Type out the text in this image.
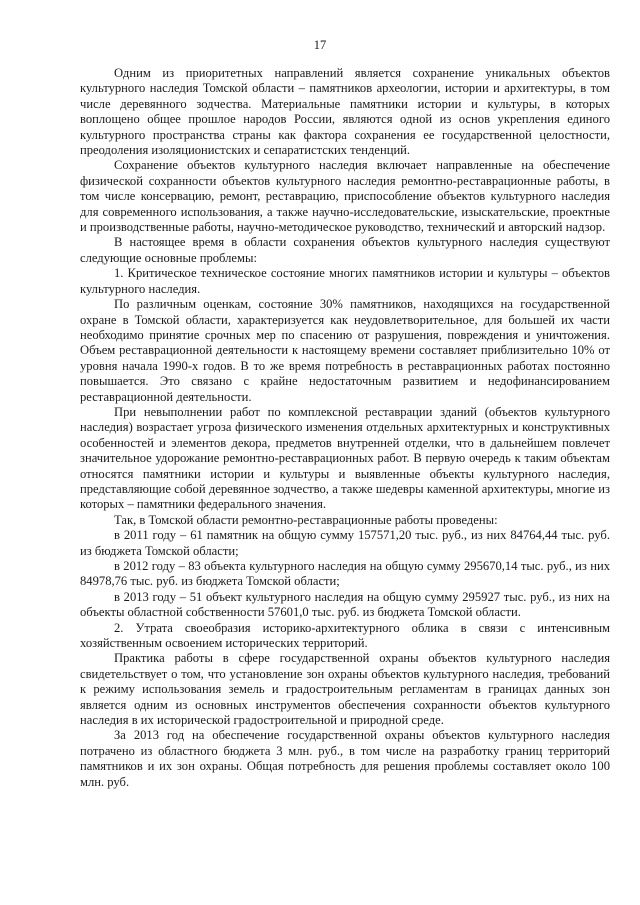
17

Одним из приоритетных направлений является сохранение уникальных объектов культурного наследия Томской области – памятников археологии, истории и архитектуры, в том числе деревянного зодчества. Материальные памятники истории и культуры, в которых воплощено общее прошлое народов России, являются одной из основ укрепления единого культурного пространства страны как фактора сохранения ее государственной целостности, преодоления изоляционистских и сепаратистских тенденций.

Сохранение объектов культурного наследия включает направленные на обеспечение физической сохранности объектов культурного наследия ремонтно-реставрационные работы, в том числе консервацию, ремонт, реставрацию, приспособление объектов культурного наследия для современного использования, а также научно-исследовательские, изыскательские, проектные и производственные работы, научно-методическое руководство, технический и авторский надзор.

В настоящее время в области сохранения объектов культурного наследия существуют следующие основные проблемы:

1. Критическое техническое состояние многих памятников истории и культуры – объектов культурного наследия.

По различным оценкам, состояние 30% памятников, находящихся на государственной охране в Томской области, характеризуется как неудовлетворительное, для большей их части необходимо принятие срочных мер по спасению от разрушения, повреждения и уничтожения. Объем реставрационной деятельности к настоящему времени составляет приблизительно 10% от уровня начала 1990-х годов. В то же время потребность в реставрационных работах постоянно повышается. Это связано с крайне недостаточным развитием и недофинансированием реставрационной деятельности.

При невыполнении работ по комплексной реставрации зданий (объектов культурного наследия) возрастает угроза физического изменения отдельных архитектурных и конструктивных особенностей и элементов декора, предметов внутренней отделки, что в дальнейшем повлечет значительное удорожание ремонтно-реставрационных работ. В первую очередь к таким объектам относятся памятники истории и культуры и выявленные объекты культурного наследия, представляющие собой деревянное зодчество, а также шедевры каменной архитектуры, многие из которых – памятники федерального значения.

Так, в Томской области ремонтно-реставрационные работы проведены:

в 2011 году – 61 памятник на общую сумму 157571,20 тыс. руб., из них 84764,44 тыс. руб. из бюджета Томской области;

в 2012 году – 83 объекта культурного наследия на общую сумму 295670,14 тыс. руб., из них 84978,76 тыс. руб. из бюджета Томской области;

в 2013 году – 51 объект культурного наследия на общую сумму 295927 тыс. руб., из них на объекты областной собственности 57601,0 тыс. руб. из бюджета Томской области.

2. Утрата своеобразия историко-архитектурного облика в связи с интенсивным хозяйственным освоением исторических территорий.

Практика работы в сфере государственной охраны объектов культурного наследия свидетельствует о том, что установление зон охраны объектов культурного наследия, требований к режиму использования земель и градостроительным регламентам в границах данных зон является одним из основных инструментов обеспечения сохранности объектов культурного наследия в их исторической градостроительной и природной среде.

За 2013 год на обеспечение государственной охраны объектов культурного наследия потрачено из областного бюджета 3 млн. руб., в том числе на разработку границ территорий памятников и их зон охраны. Общая потребность для решения проблемы составляет около 100 млн. руб.
